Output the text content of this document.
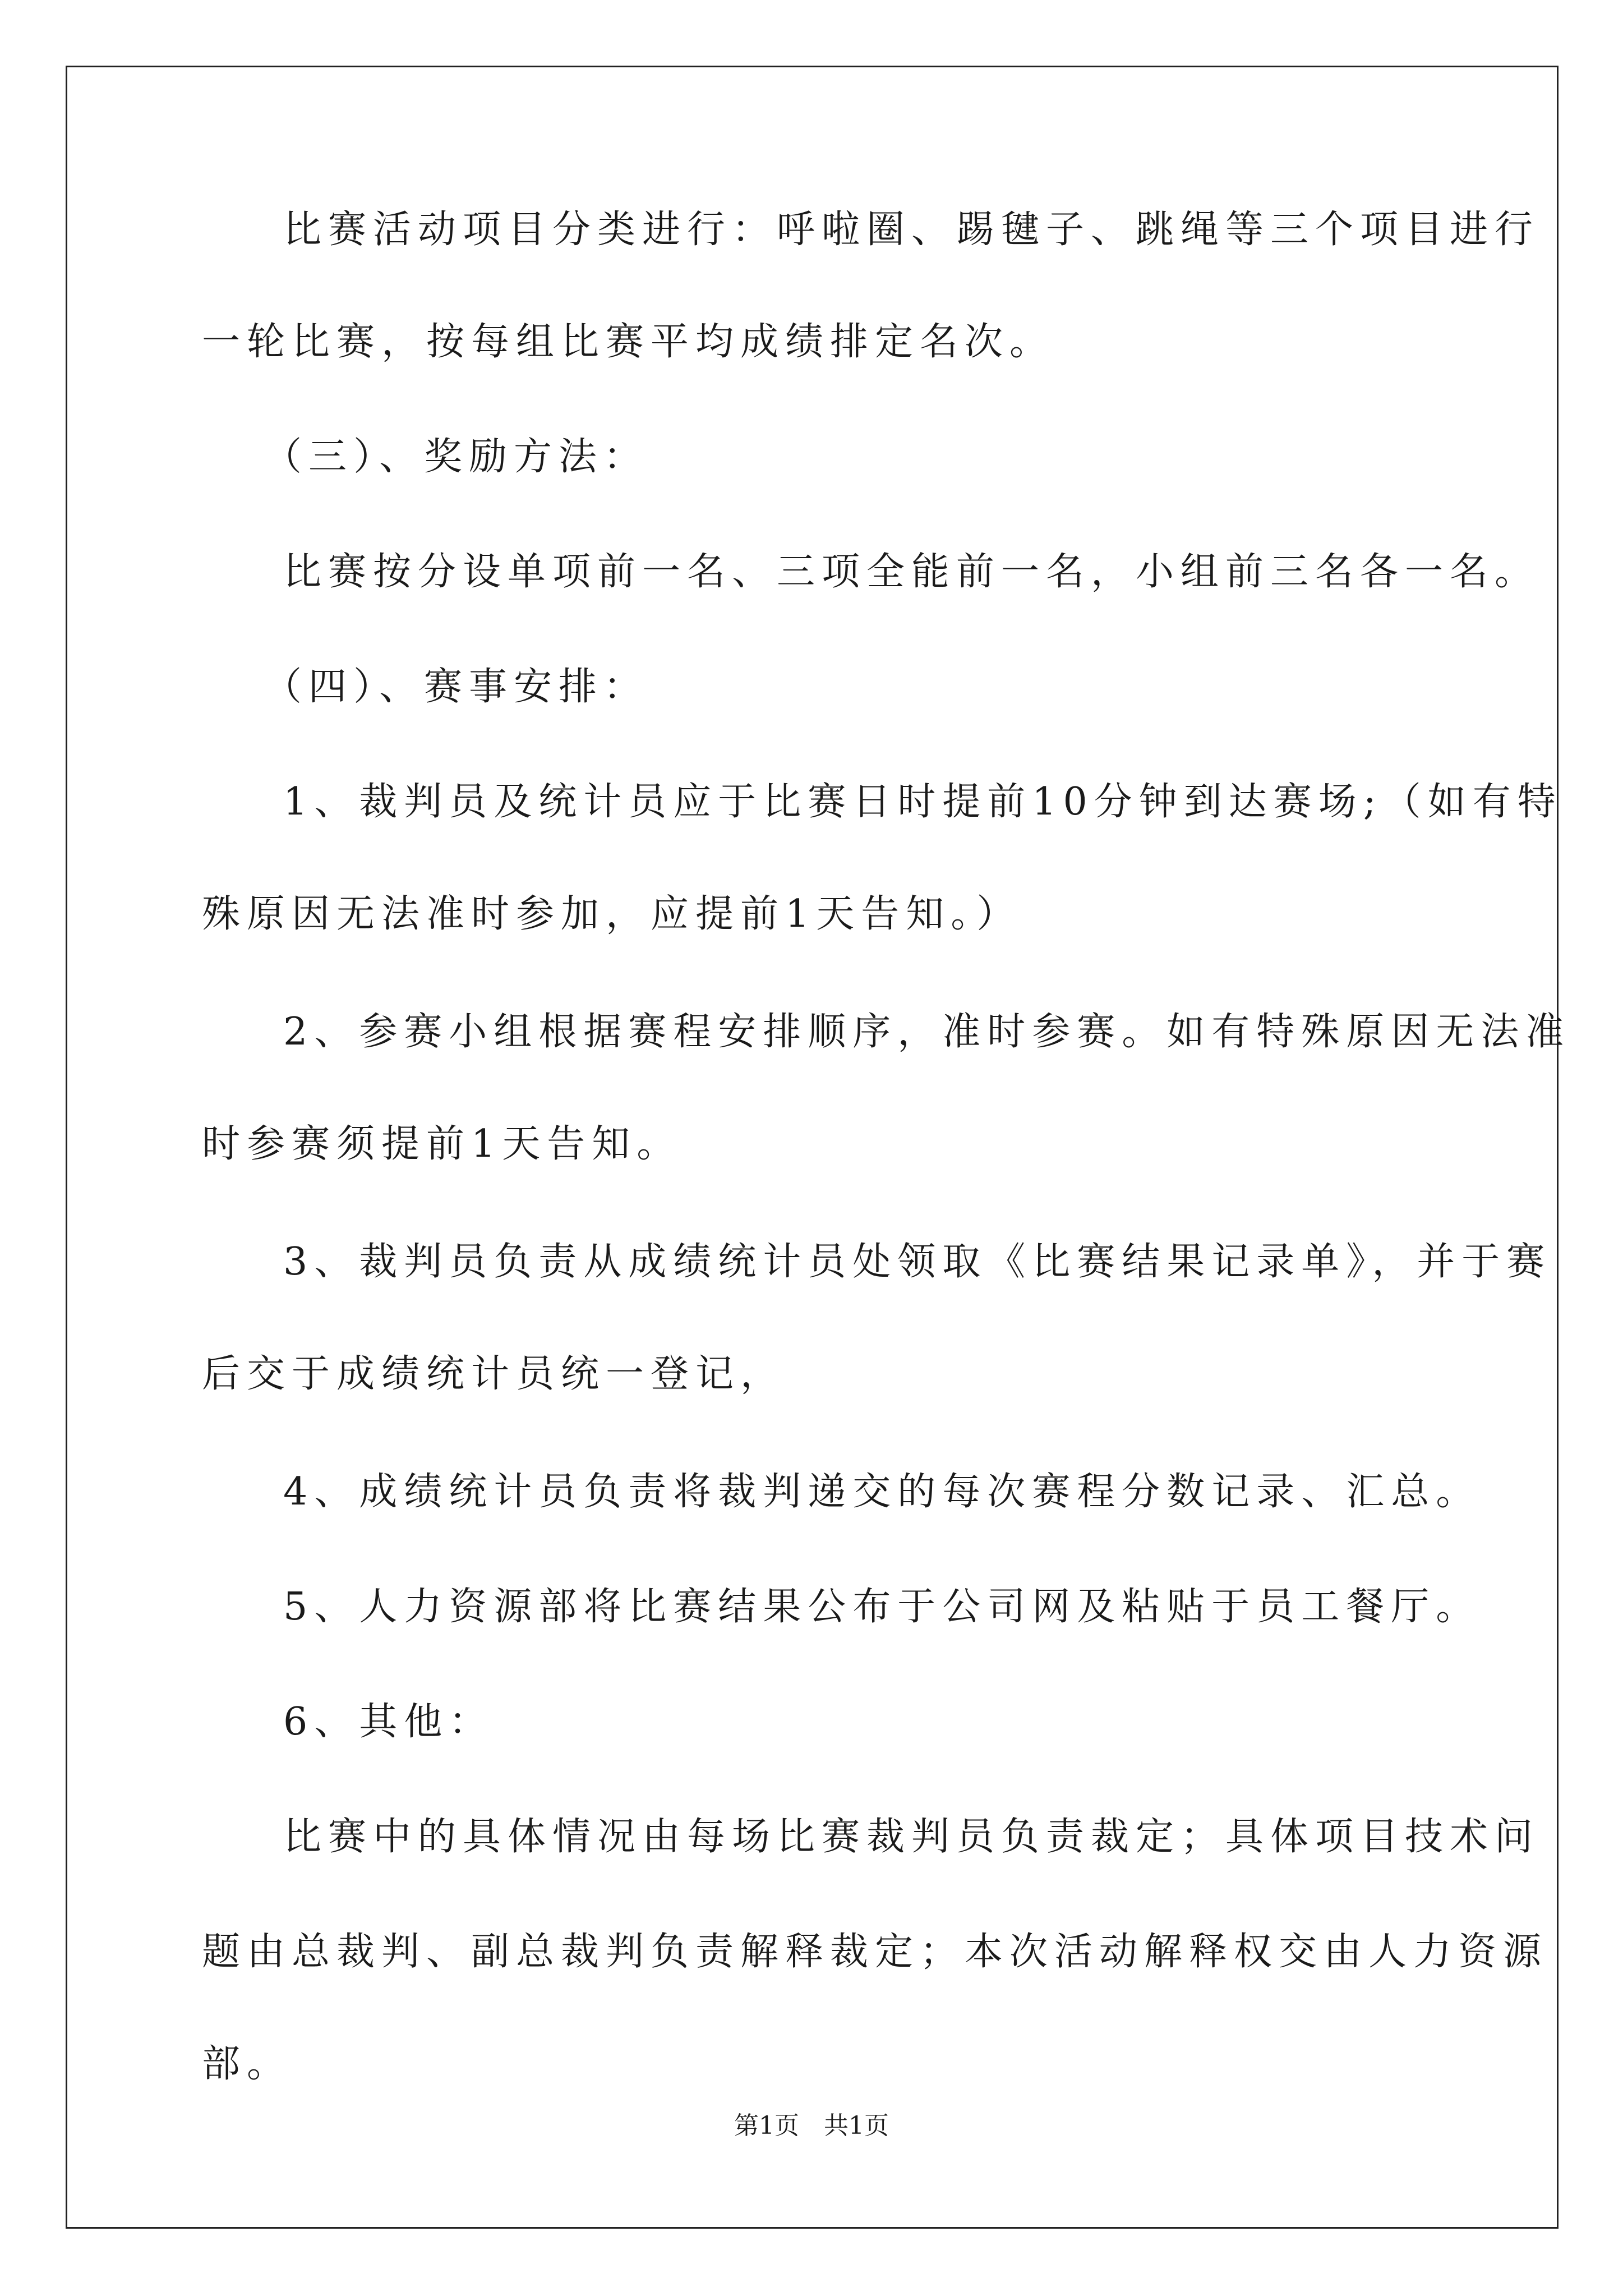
比赛活动项目分类进行：呼啦圈、踢毽子、跳绳等三个项目进行
一轮比赛，按每组比赛平均成绩排定名次。
（三）、奖励方法：
比赛按分设单项前一名、三项全能前一名，小组前三名各一名。
（四）、赛事安排：
1、裁判员及统计员应于比赛日时提前10分钟到达赛场;（如有特
殊原因无法准时参加，应提前1天告知。）
2、参赛小组根据赛程安排顺序，准时参赛。如有特殊原因无法准
时参赛须提前1天告知。
3、裁判员负责从成绩统计员处领取《比赛结果记录单》，并于赛
后交于成绩统计员统一登记，
4、成绩统计员负责将裁判递交的每次赛程分数记录、汇总。
5、人力资源部将比赛结果公布于公司网及粘贴于员工餐厅。
6、其他：
比赛中的具体情况由每场比赛裁判员负责裁定；具体项目技术问
题由总裁判、副总裁判负责解释裁定；本次活动解释权交由人力资源
部。
第1页　共1页
